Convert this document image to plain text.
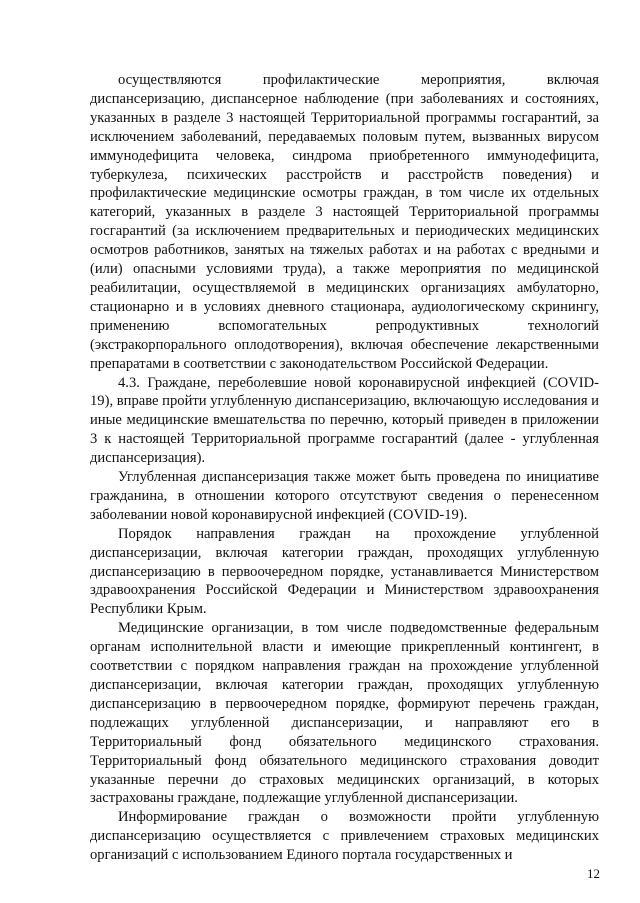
осуществляются профилактические мероприятия, включая диспансеризацию, диспансерное наблюдение (при заболеваниях и состояниях, указанных в разделе 3 настоящей Территориальной программы госгарантий, за исключением заболеваний, передаваемых половым путем, вызванных вирусом иммунодефицита человека, синдрома приобретенного иммунодефицита, туберкулеза, психических расстройств и расстройств поведения) и профилактические медицинские осмотры граждан, в том числе их отдельных категорий, указанных в разделе 3 настоящей Территориальной программы госгарантий (за исключением предварительных и периодических медицинских осмотров работников, занятых на тяжелых работах и на работах с вредными и (или) опасными условиями труда), а также мероприятия по медицинской реабилитации, осуществляемой в медицинских организациях амбулаторно, стационарно и в условиях дневного стационара, аудиологическому скринингу, применению вспомогательных репродуктивных технологий (экстракорпорального оплодотворения), включая обеспечение лекарственными препаратами в соответствии с законодательством Российской Федерации.

4.3. Граждане, переболевшие новой коронавирусной инфекцией (COVID-19), вправе пройти углубленную диспансеризацию, включающую исследования и иные медицинские вмешательства по перечню, который приведен в приложении 3 к настоящей Территориальной программе госгарантий (далее - углубленная диспансеризация).

Углубленная диспансеризация также может быть проведена по инициативе гражданина, в отношении которого отсутствуют сведения о перенесенном заболевании новой коронавирусной инфекцией (COVID-19).

Порядок направления граждан на прохождение углубленной диспансеризации, включая категории граждан, проходящих углубленную диспансеризацию в первоочередном порядке, устанавливается Министерством здравоохранения Российской Федерации и Министерством здравоохранения Республики Крым.

Медицинские организации, в том числе подведомственные федеральным органам исполнительной власти и имеющие прикрепленный контингент, в соответствии с порядком направления граждан на прохождение углубленной диспансеризации, включая категории граждан, проходящих углубленную диспансеризацию в первоочередном порядке, формируют перечень граждан, подлежащих углубленной диспансеризации, и направляют его в Территориальный фонд обязательного медицинского страхования. Территориальный фонд обязательного медицинского страхования доводит указанные перечни до страховых медицинских организаций, в которых застрахованы граждане, подлежащие углубленной диспансеризации.

Информирование граждан о возможности пройти углубленную диспансеризацию осуществляется с привлечением страховых медицинских организаций с использованием Единого портала государственных и

12
